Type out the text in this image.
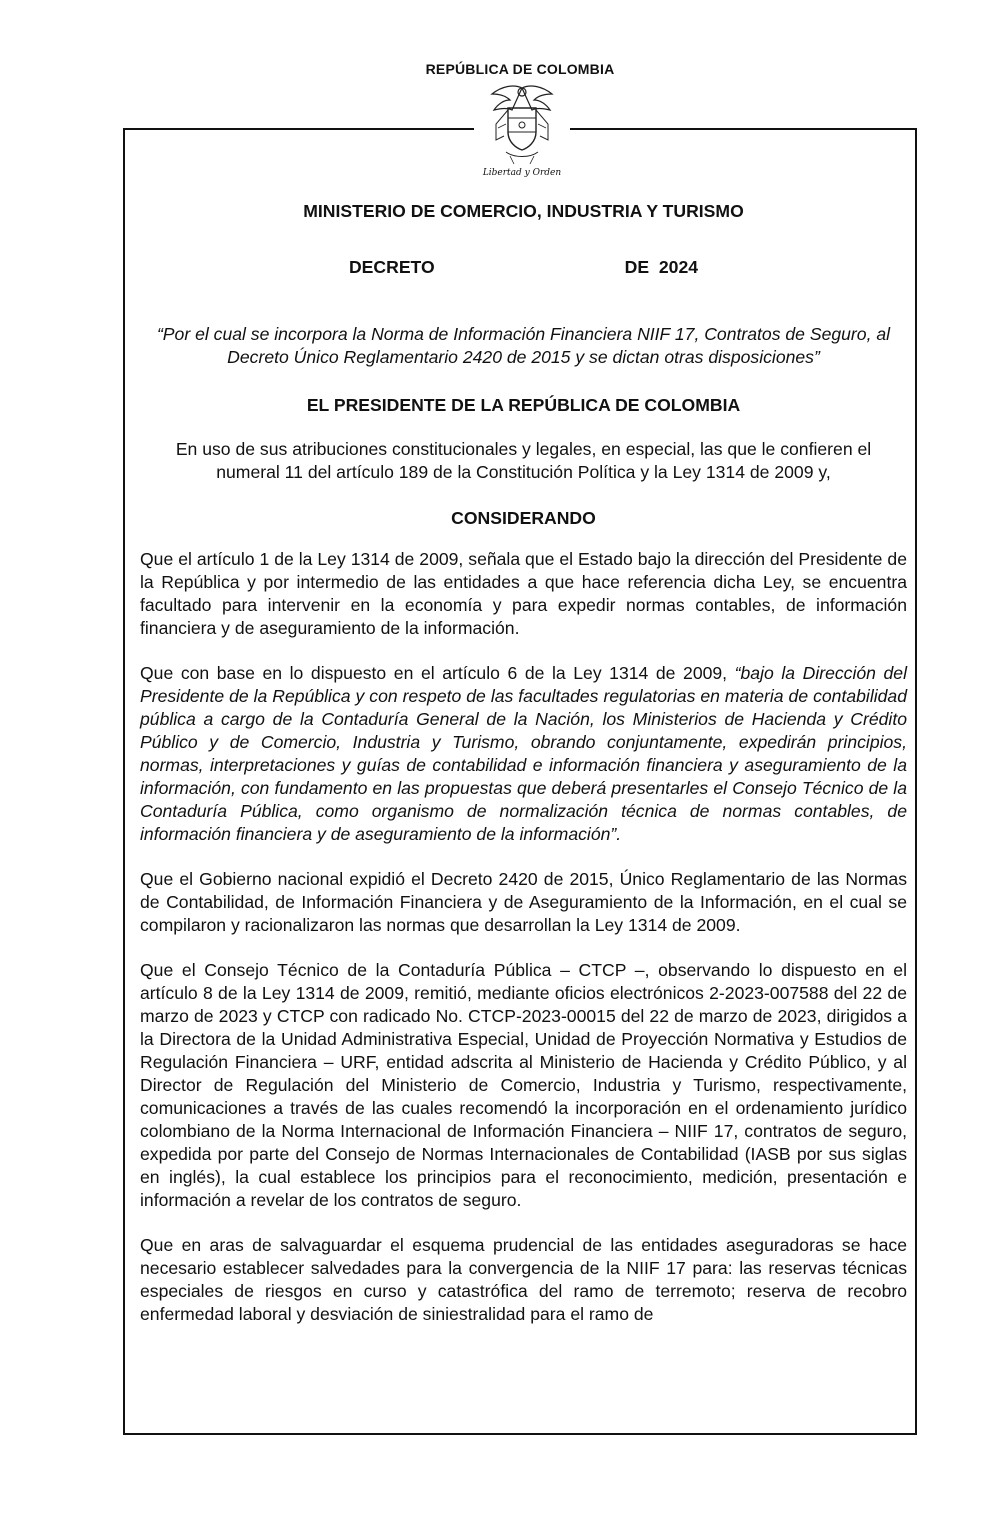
REPÚBLICA DE COLOMBIA
Libertad y Orden

MINISTERIO DE COMERCIO, INDUSTRIA Y TURISMO

DECRETO	DE  2024

“Por el cual se incorpora la Norma de Información Financiera NIIF 17, Contratos de Seguro, al Decreto Único Reglamentario 2420 de 2015 y se dictan otras disposiciones”

EL PRESIDENTE DE LA REPÚBLICA DE COLOMBIA

En uso de sus atribuciones constitucionales y legales, en especial, las que le confieren el numeral 11 del artículo 189 de la Constitución Política y la Ley 1314 de 2009 y,

CONSIDERANDO

Que el artículo 1 de la Ley 1314 de 2009, señala que el Estado bajo la dirección del Presidente de la República y por intermedio de las entidades a que hace referencia dicha Ley, se encuentra facultado para intervenir en la economía y para expedir normas contables, de información financiera y de aseguramiento de la información.

Que con base en lo dispuesto en el artículo 6 de la Ley 1314 de 2009, “bajo la Dirección del Presidente de la República y con respeto de las facultades regulatorias en materia de contabilidad pública a cargo de la Contaduría General de la Nación, los Ministerios de Hacienda y Crédito Público y de Comercio, Industria y Turismo, obrando conjuntamente, expedirán principios, normas, interpretaciones y guías de contabilidad e información financiera y aseguramiento de la información, con fundamento en las propuestas que deberá presentarles el Consejo Técnico de la Contaduría Pública, como organismo de normalización técnica de normas contables, de información financiera y de aseguramiento de la información”.

Que el Gobierno nacional expidió el Decreto 2420 de 2015, Único Reglamentario de las Normas de Contabilidad, de Información Financiera y de Aseguramiento de la Información, en el cual se compilaron y racionalizaron las normas que desarrollan la Ley 1314 de 2009.

Que el Consejo Técnico de la Contaduría Pública – CTCP –, observando lo dispuesto en el artículo 8 de la Ley 1314 de 2009, remitió, mediante oficios electrónicos 2-2023-007588 del 22 de marzo de 2023 y CTCP con radicado No. CTCP-2023-00015 del 22 de marzo de 2023, dirigidos a la Directora de la Unidad Administrativa Especial, Unidad de Proyección Normativa y Estudios de Regulación Financiera – URF, entidad adscrita al Ministerio de Hacienda y Crédito Público, y al Director de Regulación del Ministerio de Comercio, Industria y Turismo, respectivamente, comunicaciones a través de las cuales recomendó la incorporación en el ordenamiento jurídico colombiano de la Norma Internacional de Información Financiera – NIIF 17, contratos de seguro, expedida por parte del Consejo de Normas Internacionales de Contabilidad (IASB por sus siglas en inglés), la cual establece los principios para el reconocimiento, medición, presentación e información a revelar de los contratos de seguro.

Que en aras de salvaguardar el esquema prudencial de las entidades aseguradoras se hace necesario establecer salvedades para la convergencia de la NIIF 17 para: las reservas técnicas especiales de riesgos en curso y catastrófica del ramo de terremoto; reserva de recobro enfermedad laboral y desviación de siniestralidad para el ramo de
